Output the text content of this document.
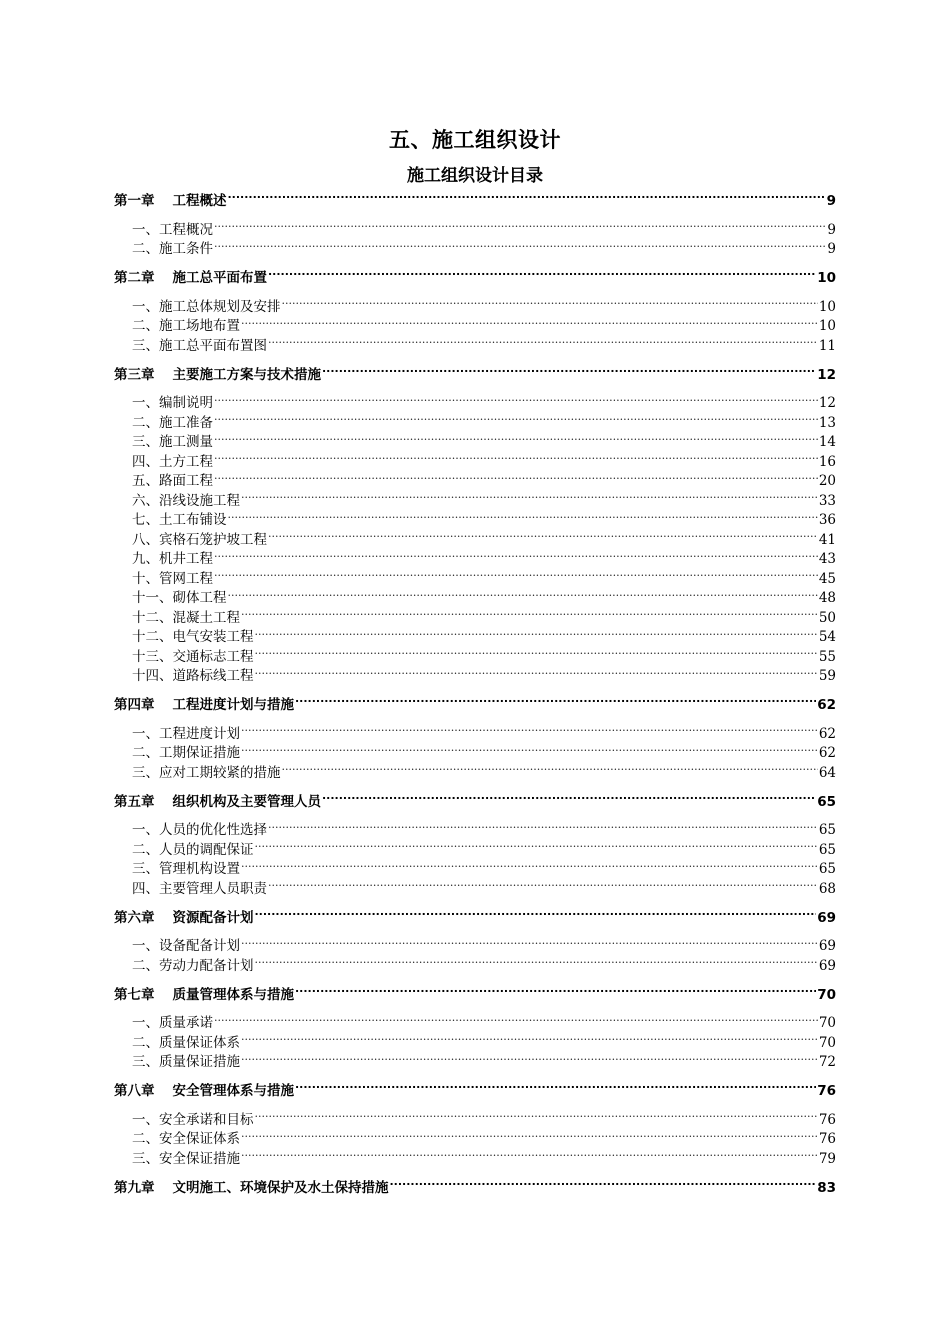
五、施工组织设计
施工组织设计目录
第一章 工程概述 .....	9
一、工程概况 .....	9
二、施工条件 .....	9
第二章 施工总平面布置 .....	10
一、施工总体规划及安排 .....	10
二、施工场地布置 .....	10
三、施工总平面布置图 .....	11
第三章 主要施工方案与技术措施 .....	12
一、编制说明 .....	12
二、施工准备 .....	13
三、施工测量 .....	14
四、土方工程 .....	16
五、路面工程 .....	20
六、沿线设施工程 .....	33
七、土工布铺设 .....	36
八、宾格石笼护坡工程 .....	41
九、机井工程 .....	43
十、管网工程 .....	45
十一、砌体工程 .....	48
十二、混凝土工程 .....	50
十二、电气安装工程 .....	54
十三、交通标志工程 .....	55
十四、道路标线工程 .....	59
第四章 工程进度计划与措施 .....	62
一、工程进度计划 .....	62
二、工期保证措施 .....	62
三、应对工期较紧的措施 .....	64
第五章 组织机构及主要管理人员 .....	65
一、人员的优化性选择 .....	65
二、人员的调配保证 .....	65
三、管理机构设置 .....	65
四、主要管理人员职责 .....	68
第六章 资源配备计划 .....	69
一、设备配备计划 .....	69
二、劳动力配备计划 .....	69
第七章 质量管理体系与措施 .....	70
一、质量承诺 .....	70
二、质量保证体系 .....	70
三、质量保证措施 .....	72
第八章 安全管理体系与措施 .....	76
一、安全承诺和目标 .....	76
二、安全保证体系 .....	76
三、安全保证措施 .....	79
第九章 文明施工、环境保护及水土保持措施 .....	83
